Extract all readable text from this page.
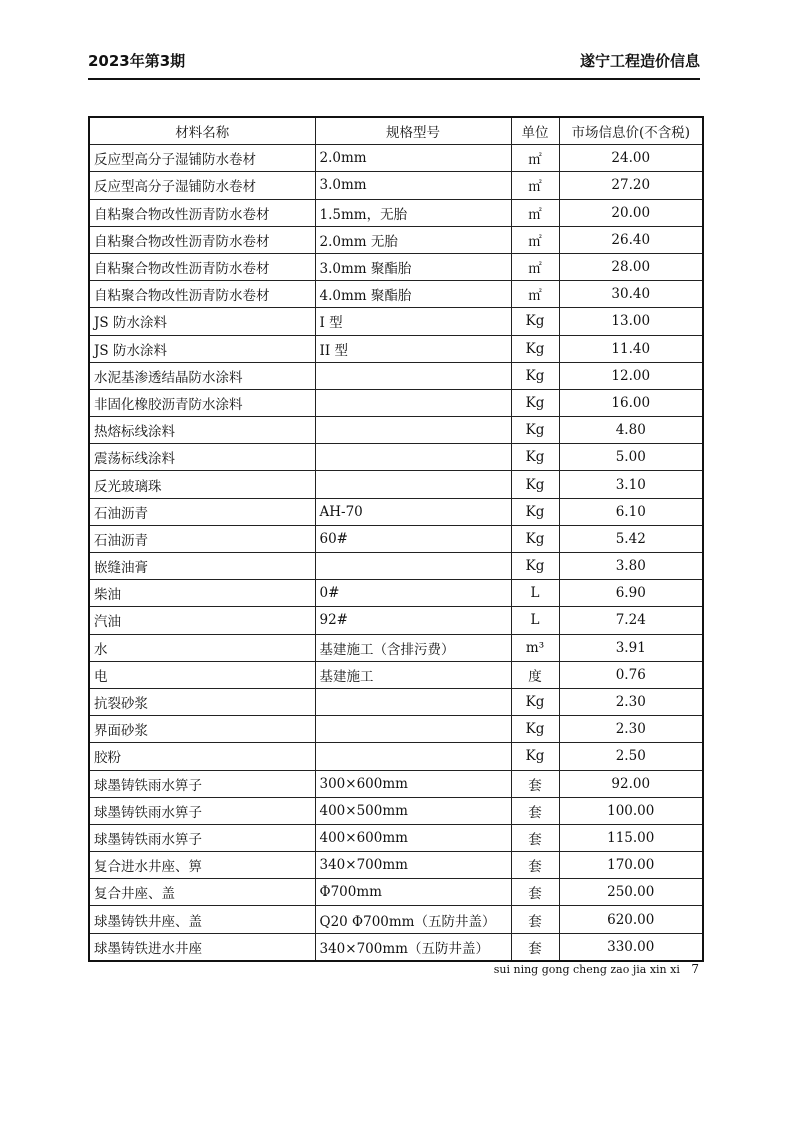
2023年第3期	遂宁工程造价信息
材料名称	规格型号	单位	市场信息价(不含税)
反应型高分子湿铺防水卷材	2.0mm	㎡	24.00
反应型高分子湿铺防水卷材	3.0mm	㎡	27.20
自粘聚合物改性沥青防水卷材	1.5mm，无胎	㎡	20.00
自粘聚合物改性沥青防水卷材	2.0mm 无胎	㎡	26.40
自粘聚合物改性沥青防水卷材	3.0mm 聚酯胎	㎡	28.00
自粘聚合物改性沥青防水卷材	4.0mm 聚酯胎	㎡	30.40
JS 防水涂料	I 型	Kg	13.00
JS 防水涂料	II 型	Kg	11.40
水泥基渗透结晶防水涂料		Kg	12.00
非固化橡胶沥青防水涂料		Kg	16.00
热熔标线涂料		Kg	4.80
震荡标线涂料		Kg	5.00
反光玻璃珠		Kg	3.10
石油沥青	AH-70	Kg	6.10
石油沥青	60#	Kg	5.42
嵌缝油膏		Kg	3.80
柴油	0#	L	6.90
汽油	92#	L	7.24
水	基建施工（含排污费）	m³	3.91
电	基建施工	度	0.76
抗裂砂浆		Kg	2.30
界面砂浆		Kg	2.30
胶粉		Kg	2.50
球墨铸铁雨水箅子	300×600mm	套	92.00
球墨铸铁雨水箅子	400×500mm	套	100.00
球墨铸铁雨水箅子	400×600mm	套	115.00
复合进水井座、箅	340×700mm	套	170.00
复合井座、盖	Φ700mm	套	250.00
球墨铸铁井座、盖	Q20 Φ700mm（五防井盖）	套	620.00
球墨铸铁进水井座	340×700mm（五防井盖）	套	330.00
sui ning gong cheng zao jia xin xi 7
